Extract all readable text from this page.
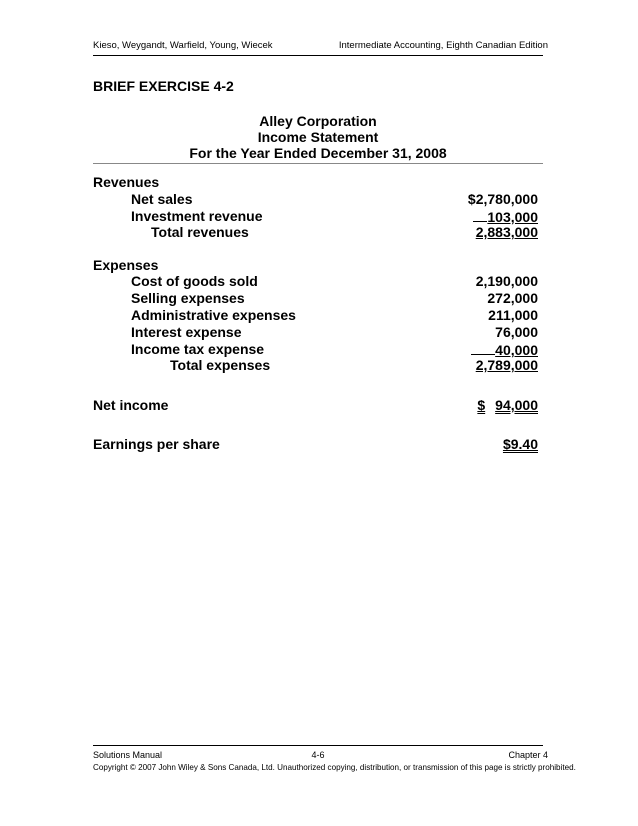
Kieso, Weygandt, Warfield, Young, Wiecek	Intermediate Accounting, Eighth Canadian Edition
BRIEF EXERCISE 4-2
Alley Corporation
Income Statement
For the Year Ended December 31, 2008
Revenues
Net sales	$2,780,000
Investment revenue	103,000
Total revenues	2,883,000
Expenses
Cost of goods sold	2,190,000
Selling expenses	272,000
Administrative expenses	211,000
Interest expense	76,000
Income tax expense	40,000
Total expenses	2,789,000
Net income	$ 94,000
Earnings per share	$9.40
Solutions Manual	4-6	Chapter 4
Copyright © 2007 John Wiley & Sons Canada, Ltd. Unauthorized copying, distribution, or transmission of this page is strictly prohibited.
